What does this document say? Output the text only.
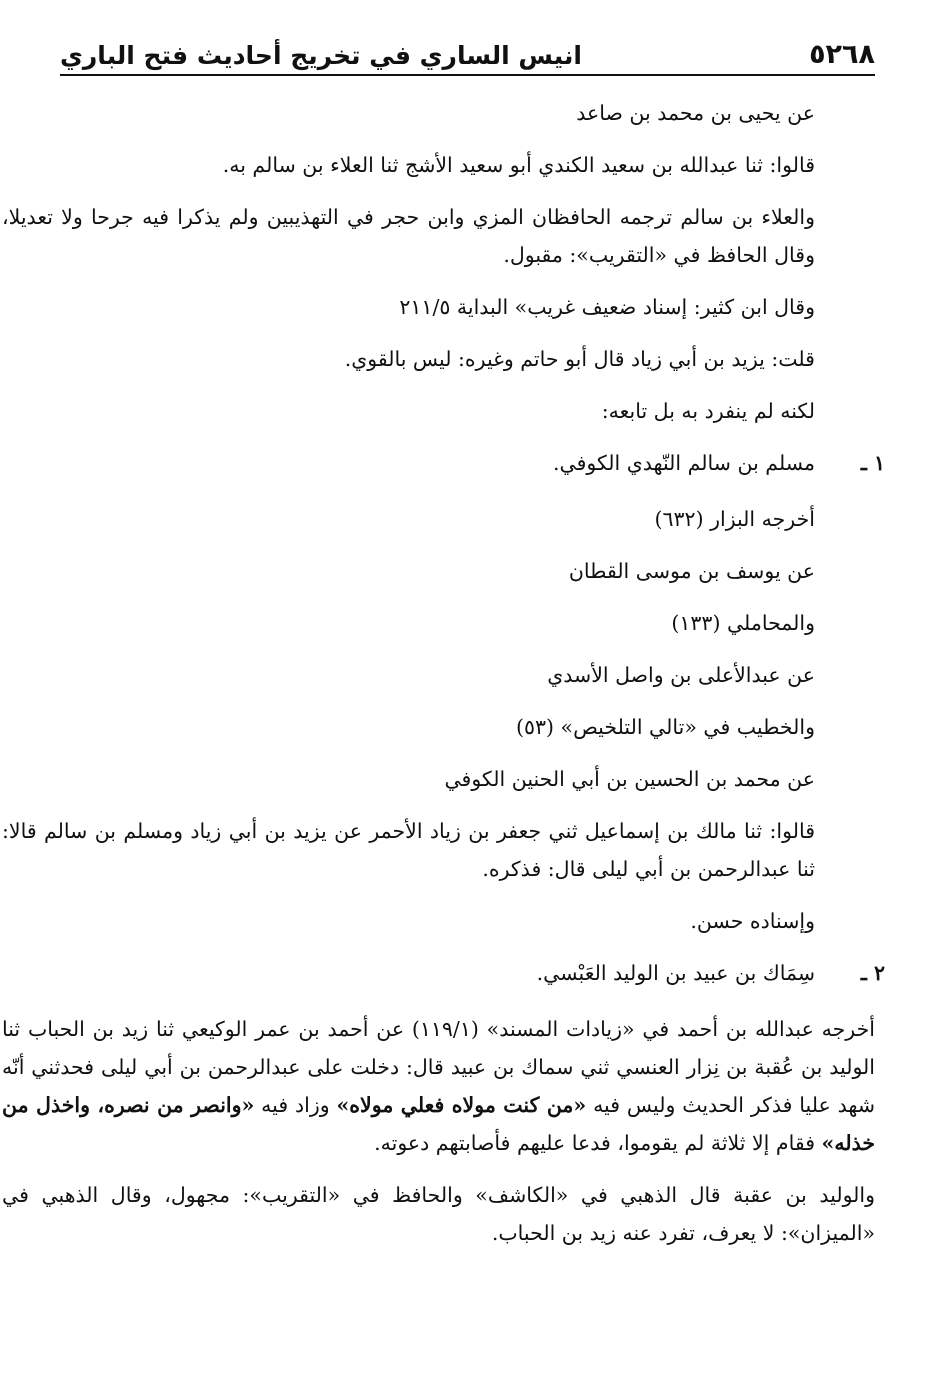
٥٢٦٨
انيس الساري في تخريج أحاديث فتح الباري

عن يحيى بن محمد بن صاعد

قالوا: ثنا عبدالله بن سعيد الكندي أبو سعيد الأشج ثنا العلاء بن سالم به.

والعلاء بن سالم ترجمه الحافظان المزي وابن حجر في التهذيبين ولم يذكرا فيه جرحا ولا تعديلا، وقال الحافظ في «التقريب»: مقبول.

وقال ابن كثير: إسناد ضعيف غريب» البداية ٢١١/٥

قلت: يزيد بن أبي زياد قال أبو حاتم وغيره: ليس بالقوي.

لكنه لم ينفرد به بل تابعه:

١ ـ
مسلم بن سالم النّهدي الكوفي.

أخرجه البزار (٦٣٢)

عن يوسف بن موسى القطان

والمحاملي (١٣٣)

عن عبدالأعلى بن واصل الأسدي

والخطيب في «تالي التلخيص» (٥٣)

عن محمد بن الحسين بن أبي الحنين الكوفي

قالوا: ثنا مالك بن إسماعيل ثني جعفر بن زياد الأحمر عن يزيد بن أبي زياد ومسلم بن سالم قالا: ثنا عبدالرحمن بن أبي ليلى قال: فذكره.

وإسناده حسن.

٢ ـ
سِمَاك بن عبيد بن الوليد العَبْسي.

أخرجه عبدالله بن أحمد في «زيادات المسند» (١١٩/١) عن أحمد بن عمر الوكيعي ثنا زيد بن الحباب ثنا الوليد بن عُقبة بن نِزار العنسي ثني سماك بن عبيد قال: دخلت على عبدالرحمن بن أبي ليلى فحدثني أنّه شهد عليا فذكر الحديث وليس فيه «من كنت مولاه فعلي مولاه» وزاد فيه «وانصر من نصره، واخذل من خذله» فقام إلا ثلاثة لم يقوموا، فدعا عليهم فأصابتهم دعوته.

والوليد بن عقبة قال الذهبي في «الكاشف» والحافظ في «التقريب»: مجهول، وقال الذهبي في «الميزان»: لا يعرف، تفرد عنه زيد بن الحباب.
